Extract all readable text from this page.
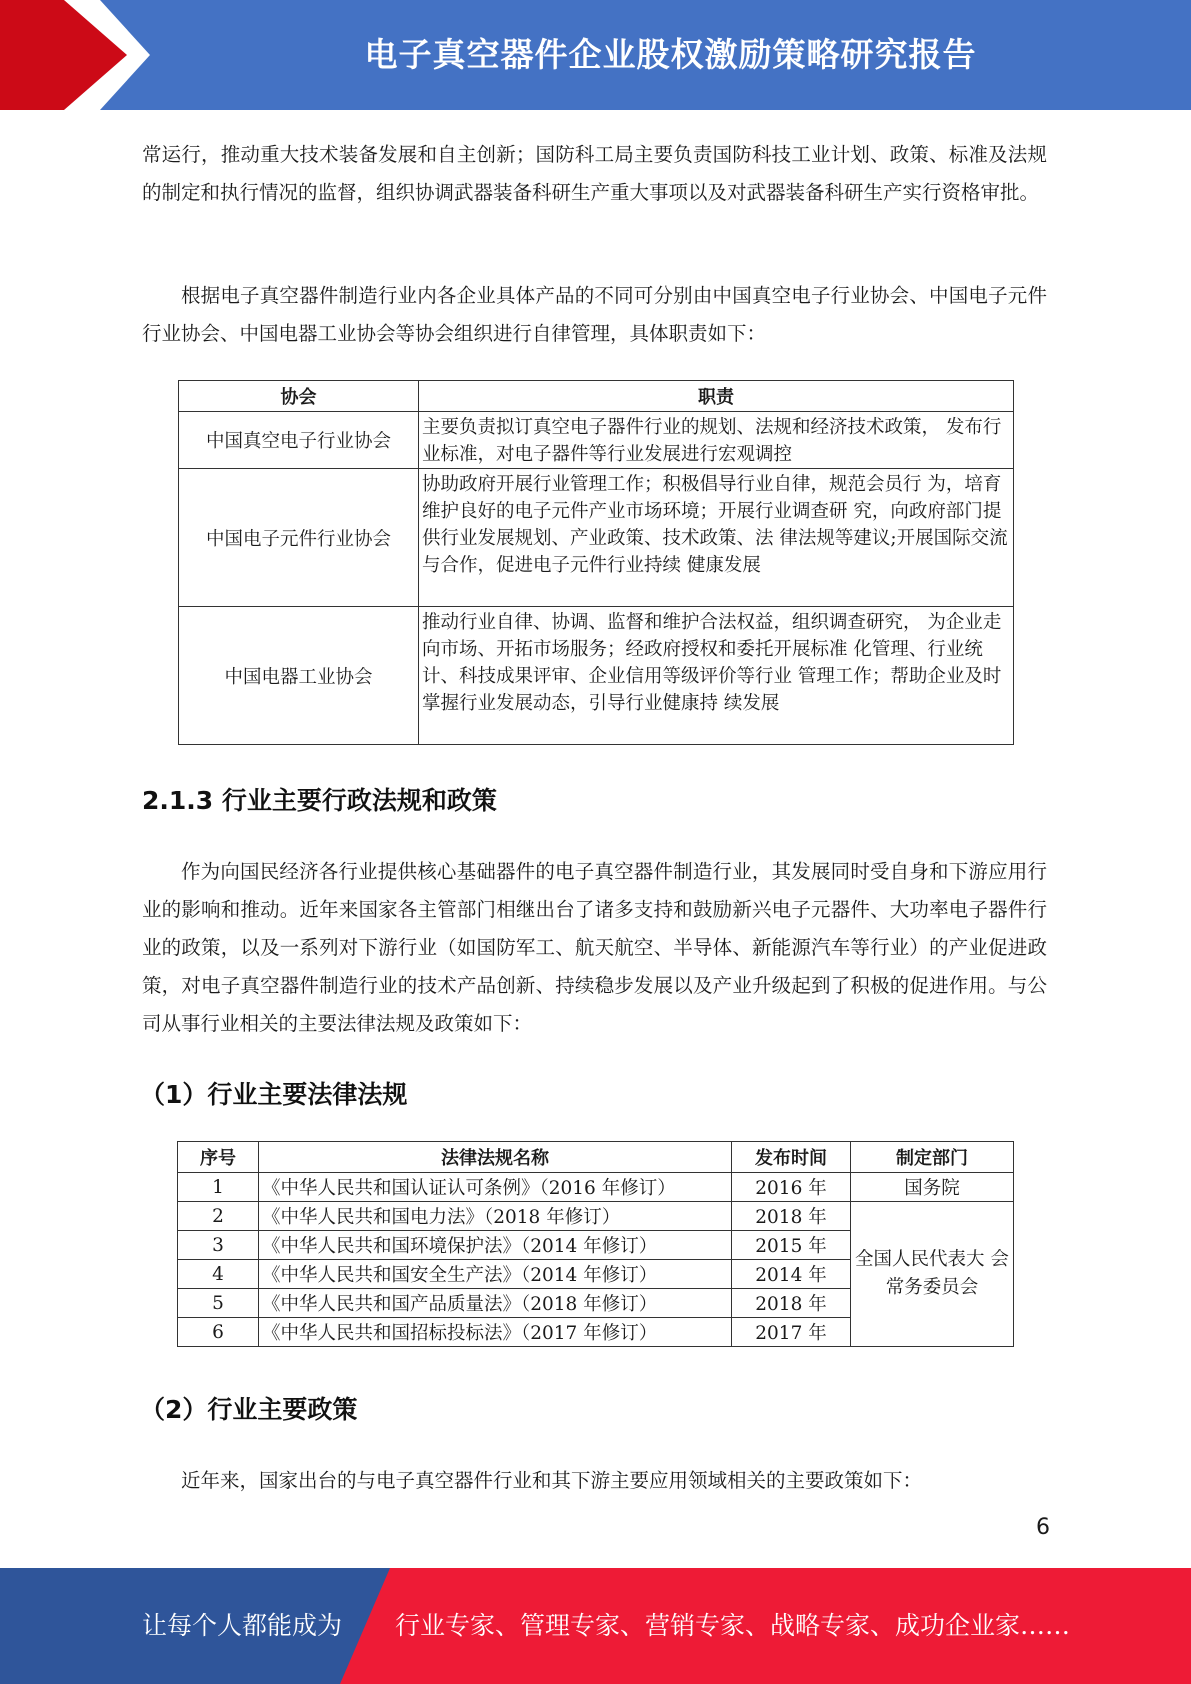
电子真空器件企业股权激励策略研究报告
常运行，推动重大技术装备发展和自主创新；国防科工局主要负责国防科技工业计划、政策、标准及法规的制定和执行情况的监督，组织协调武器装备科研生产重大事项以及对武器装备科研生产实行资格审批。
根据电子真空器件制造行业内各企业具体产品的不同可分别由中国真空电子行业协会、中国电子元件行业协会、中国电器工业协会等协会组织进行自律管理，具体职责如下：
协会	职责
中国真空电子行业协会	主要负责拟订真空电子器件行业的规划、法规和经济技术政策， 发布行业标准，对电子器件等行业发展进行宏观调控
中国电子元件行业协会	协助政府开展行业管理工作；积极倡导行业自律，规范会员行 为，培育维护良好的电子元件产业市场环境；开展行业调查研 究，向政府部门提供行业发展规划、产业政策、技术政策、法 律法规等建议;开展国际交流与合作，促进电子元件行业持续 健康发展
中国电器工业协会	推动行业自律、协调、监督和维护合法权益，组织调查研究， 为企业走向市场、开拓市场服务；经政府授权和委托开展标准 化管理、行业统计、科技成果评审、企业信用等级评价等行业 管理工作；帮助企业及时掌握行业发展动态，引导行业健康持 续发展
2.1.3 行业主要行政法规和政策
作为向国民经济各行业提供核心基础器件的电子真空器件制造行业，其发展同时受自身和下游应用行业的影响和推动。近年来国家各主管部门相继出台了诸多支持和鼓励新兴电子元器件、大功率电子器件行业的政策，以及一系列对下游行业（如国防军工、航天航空、半导体、新能源汽车等行业）的产业促进政策，对电子真空器件制造行业的技术产品创新、持续稳步发展以及产业升级起到了积极的促进作用。与公司从事行业相关的主要法律法规及政策如下：
（1）行业主要法律法规
序号	法律法规名称	发布时间	制定部门
1	《中华人民共和国认证认可条例》（2016 年修订）	2016 年	国务院
2	《中华人民共和国电力法》（2018 年修订）	2018 年	全国人民代表大 会常务委员会
3	《中华人民共和国环境保护法》（2014 年修订）	2015 年	
4	《中华人民共和国安全生产法》（2014 年修订）	2014 年	
5	《中华人民共和国产品质量法》（2018 年修订）	2018 年	
6	《中华人民共和国招标投标法》（2017 年修订）	2017 年	
（2）行业主要政策
近年来，国家出台的与电子真空器件行业和其下游主要应用领域相关的主要政策如下：
6
让每个人都能成为 行业专家、管理专家、营销专家、战略专家、成功企业家……
